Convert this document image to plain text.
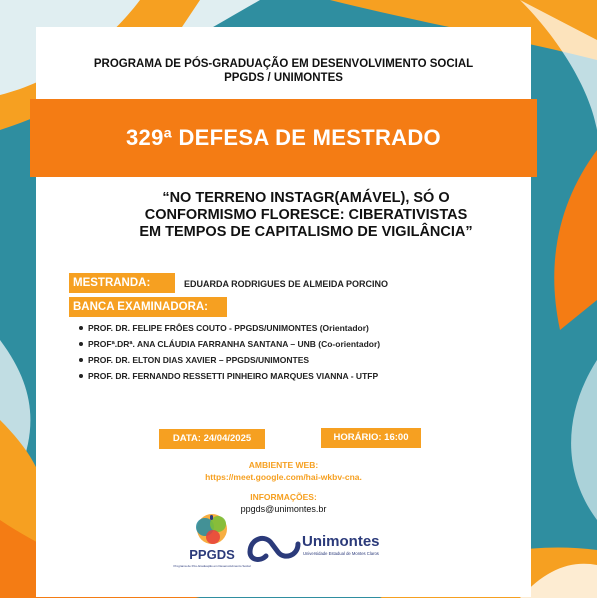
PROGRAMA DE PÓS-GRADUAÇÃO EM DESENVOLVIMENTO SOCIAL
PPGDS / UNIMONTES
329ª DEFESA DE MESTRADO
“NO TERRENO INSTAGR(AMÁVEL), SÓ O
CONFORMISMO FLORESCE: CIBERATIVISTAS
EM TEMPOS DE CAPITALISMO DE VIGILÂNCIA”
MESTRANDA:	EDUARDA RODRIGUES DE ALMEIDA PORCINO
BANCA EXAMINADORA:
PROF. DR. FELIPE FRÔES COUTO - PPGDS/UNIMONTES (Orientador)
PROFª.DRª. ANA CLÁUDIA FARRANHA SANTANA – UNB (Co-orientador)
PROF. DR. ELTON DIAS XAVIER – PPGDS/UNIMONTES
PROF. DR. FERNANDO RESSETTI PINHEIRO MARQUES VIANNA - UTFP
DATA: 24/04/2025	HORÁRIO: 16:00
AMBIENTE WEB:
https://meet.google.com/hai-wkbv-cna.
INFORMAÇÕES:
ppgds@unimontes.br
PPGDS
Programa de Pós-Graduação em Desenvolvimento Social
Unimontes
Universidade Estadual de Montes Claros
